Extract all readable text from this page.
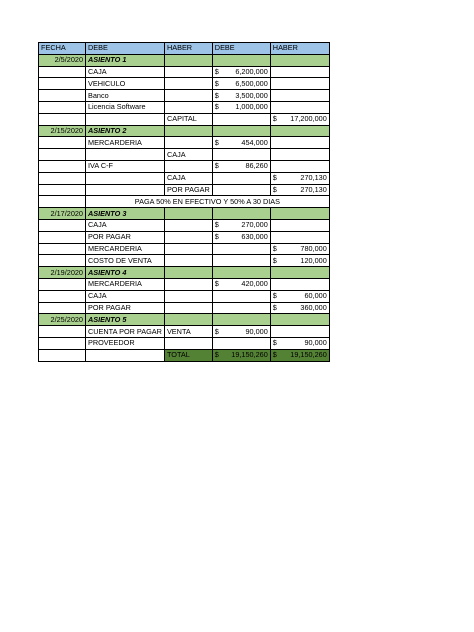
FECHA	DEBE	HABER	DEBE	HABER
2/5/2020	ASIENTO 1			
	CAJA		$ 6,200,000	

	VEHICULO		$ 6,500,000	

	Banco		$ 3,500,000	

	Licencia Software		$ 1,000,000	

		CAPITAL		$ 17,200,000

2/15/2020	ASIENTO 2			
	MERCARDERIA		$ 454,000	

		CAJA		
	IVA C-F		$ 86,260	

		CAJA		$ 270,130

		POR PAGAR		$ 270,130

	PAGA 50% EN EFECTIVO Y 50% A 30 DIAS			
2/17/2020	ASIENTO 3			
	CAJA		$ 270,000	

	POR PAGAR		$ 630,000	

	MERCARDERIA			$ 780,000

	COSTO DE VENTA			$ 120,000

2/19/2020	ASIENTO 4			
	MERCARDERIA		$ 420,000	

	CAJA			$ 60,000

	POR PAGAR			$ 360,000

2/25/2020	ASIENTO 5			
	CUENTA POR PAGAR	VENTA	$ 90,000	

	PROVEEDOR			$ 90,000

		TOTAL	$ 19,150,260	$ 19,150,260
